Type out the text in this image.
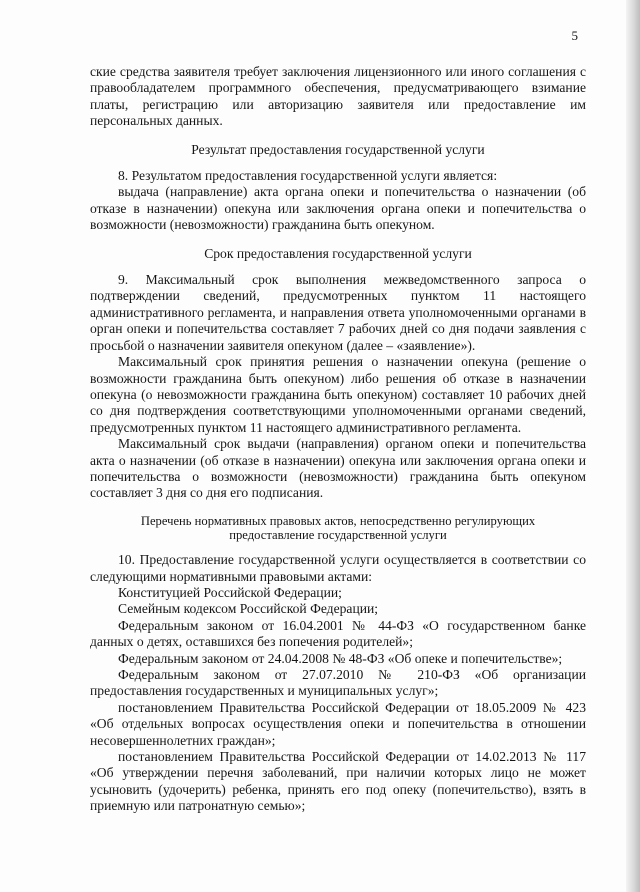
5

ские средства заявителя требует заключения лицензионного или иного соглашения с правообладателем программного обеспечения, предусматривающего взимание платы, регистрацию или авторизацию заявителя или предоставление им персональных данных.

Результат предоставления государственной услуги

8. Результатом предоставления государственной услуги является:

выдача (направление) акта органа опеки и попечительства о назначении (об отказе в назначении) опекуна или заключения органа опеки и попечительства о возможности (невозможности) гражданина быть опекуном.

Срок предоставления государственной услуги

9. Максимальный срок выполнения межведомственного запроса о подтверждении сведений, предусмотренных пунктом 11 настоящего административного регламента, и направления ответа уполномоченными органами в орган опеки и попечительства составляет 7 рабочих дней со дня подачи заявления с просьбой о назначении заявителя опекуном (далее – «заявление»).

Максимальный срок принятия решения о назначении опекуна (решение о возможности гражданина быть опекуном) либо решения об отказе в назначении опекуна (о невозможности гражданина быть опекуном) составляет 10 рабочих дней со дня подтверждения соответствующими уполномоченными органами сведений, предусмотренных пунктом 11 настоящего административного регламента.

Максимальный срок выдачи (направления) органом опеки и попечительства акта о назначении (об отказе в назначении) опекуна или заключения органа опеки и попечительства о возможности (невозможности) гражданина быть опекуном составляет 3 дня со дня его подписания.

Перечень нормативных правовых актов, непосредственно регулирующих предоставление государственной услуги

10. Предоставление государственной услуги осуществляется в соответствии со следующими нормативными правовыми актами:

Конституцией Российской Федерации;

Семейным кодексом Российской Федерации;

Федеральным законом от 16.04.2001 № 44-ФЗ «О государственном банке данных о детях, оставшихся без попечения родителей»;

Федеральным законом от 24.04.2008 № 48-ФЗ «Об опеке и попечительстве»;

Федеральным законом от 27.07.2010 № 210-ФЗ «Об организации предоставления государственных и муниципальных услуг»;

постановлением Правительства Российской Федерации от 18.05.2009 № 423 «Об отдельных вопросах осуществления опеки и попечительства в отношении несовершеннолетних граждан»;

постановлением Правительства Российской Федерации от 14.02.2013 № 117 «Об утверждении перечня заболеваний, при наличии которых лицо не может усыновить (удочерить) ребенка, принять его под опеку (попечительство), взять в приемную или патронатную семью»;
